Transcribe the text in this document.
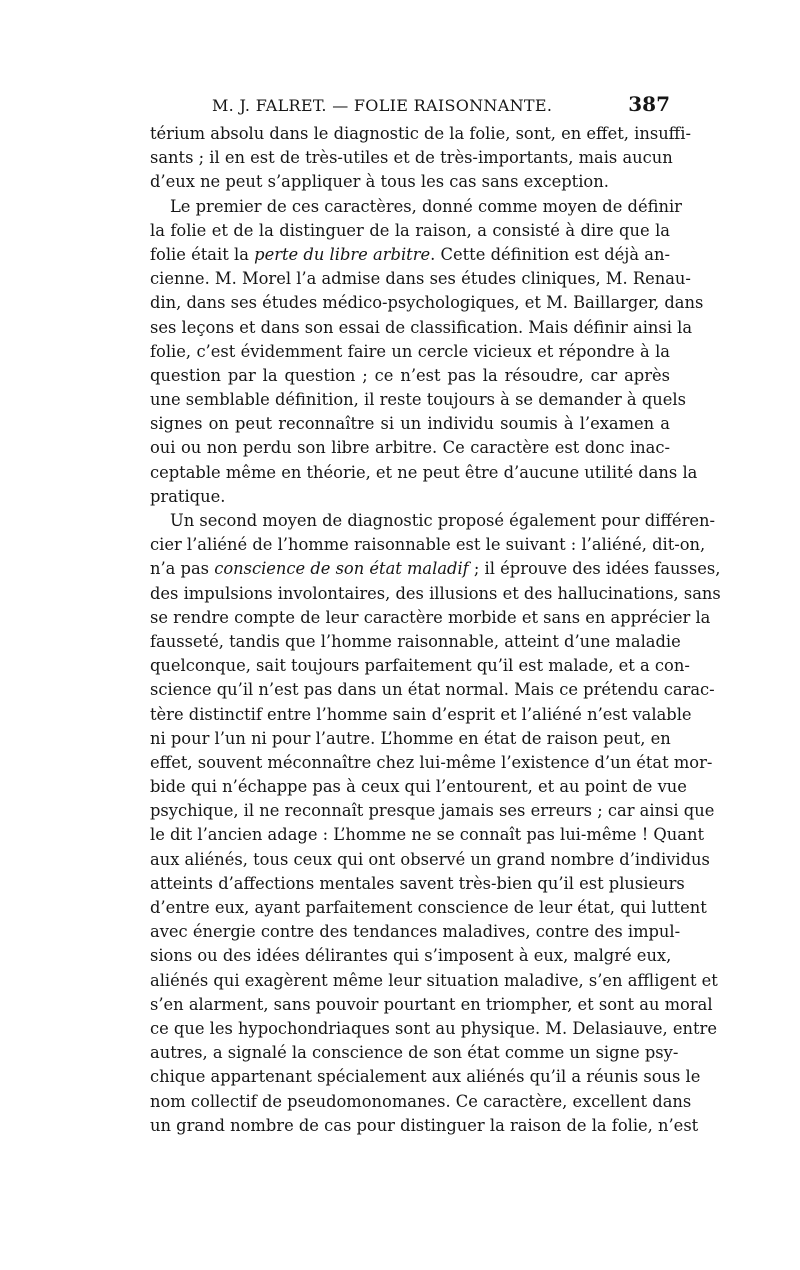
M. J. FALRET. — FOLIE RAISONNANTE.	387
térium absolu dans le diagnostic de la folie, sont, en effet, insuffi-
sants ; il en est de très-utiles et de très-importants, mais aucun
d’eux ne peut s’appliquer à tous les cas sans exception.
Le premier de ces caractères, donné comme moyen de définir
la folie et de la distinguer de la raison, a consisté à dire que la
folie était la perte du libre arbitre. Cette définition est déjà an-
cienne. M. Morel l’a admise dans ses études cliniques, M. Renau-
din, dans ses études médico-psychologiques, et M. Baillarger, dans
ses leçons et dans son essai de classification. Mais définir ainsi la
folie, c’est évidemment faire un cercle vicieux et répondre à la
question par la question ; ce n’est pas la résoudre, car après
une semblable définition, il reste toujours à se demander à quels
signes on peut reconnaître si un individu soumis à l’examen a
oui ou non perdu son libre arbitre. Ce caractère est donc inac-
ceptable même en théorie, et ne peut être d’aucune utilité dans la
pratique.
Un second moyen de diagnostic proposé également pour différen-
cier l’aliéné de l’homme raisonnable est le suivant : l’aliéné, dit-on,
n’a pas conscience de son état maladif ; il éprouve des idées fausses,
des impulsions involontaires, des illusions et des hallucinations, sans
se rendre compte de leur caractère morbide et sans en apprécier la
fausseté, tandis que l’homme raisonnable, atteint d’une maladie
quelconque, sait toujours parfaitement qu’il est malade, et a con-
science qu’il n’est pas dans un état normal. Mais ce prétendu carac-
tère distinctif entre l’homme sain d’esprit et l’aliéné n’est valable
ni pour l’un ni pour l’autre. L’homme en état de raison peut, en
effet, souvent méconnaître chez lui-même l’existence d’un état mor-
bide qui n’échappe pas à ceux qui l’entourent, et au point de vue
psychique, il ne reconnaît presque jamais ses erreurs ; car ainsi que
le dit l’ancien adage : L’homme ne se connaît pas lui-même ! Quant
aux aliénés, tous ceux qui ont observé un grand nombre d’individus
atteints d’affections mentales savent très-bien qu’il est plusieurs
d’entre eux, ayant parfaitement conscience de leur état, qui luttent
avec énergie contre des tendances maladives, contre des impul-
sions ou des idées délirantes qui s’imposent à eux, malgré eux,
aliénés qui exagèrent même leur situation maladive, s’en affligent et
s’en alarment, sans pouvoir pourtant en triompher, et sont au moral
ce que les hypochondriaques sont au physique. M. Delasiauve, entre
autres, a signalé la conscience de son état comme un signe psy-
chique appartenant spécialement aux aliénés qu’il a réunis sous le
nom collectif de pseudomonomanes. Ce caractère, excellent dans
un grand nombre de cas pour distinguer la raison de la folie, n’est
